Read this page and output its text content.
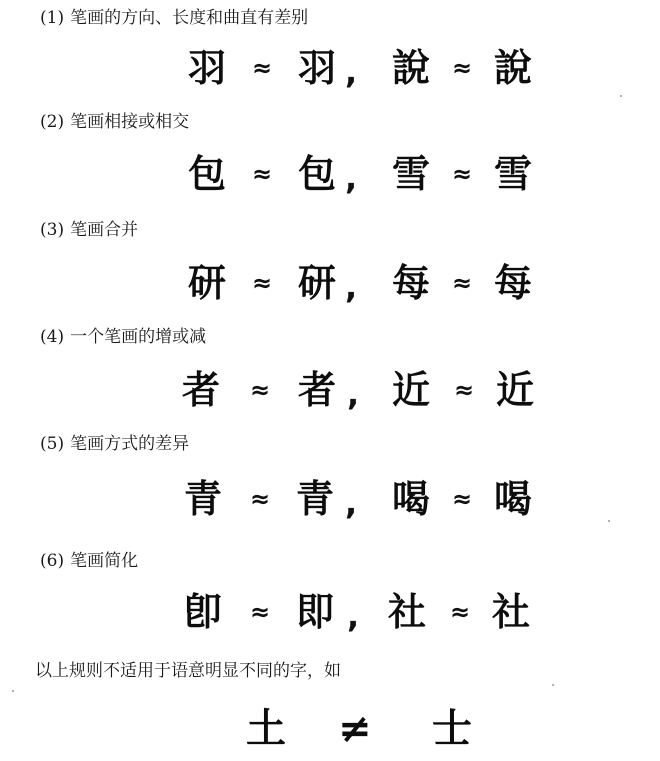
(1) 笔画的方向、长度和曲直有差别
羽 ≈ 羽 , 說 ≈ 說
(2) 笔画相接或相交
包 ≈ 包 , 雪 ≈ 雪
(3) 笔画合并
研 ≈ 研 , 每 ≈ 每
(4) 一个笔画的增或减
者 ≈ 者 , 近 ≈ 近
(5) 笔画方式的差异
青 ≈ 青 , 喝 ≈ 喝
(6) 笔画简化
卽 ≈ 即 , 社 ≈ 社
以上规则不适用于语意明显不同的字，如
土 ≠ 士
